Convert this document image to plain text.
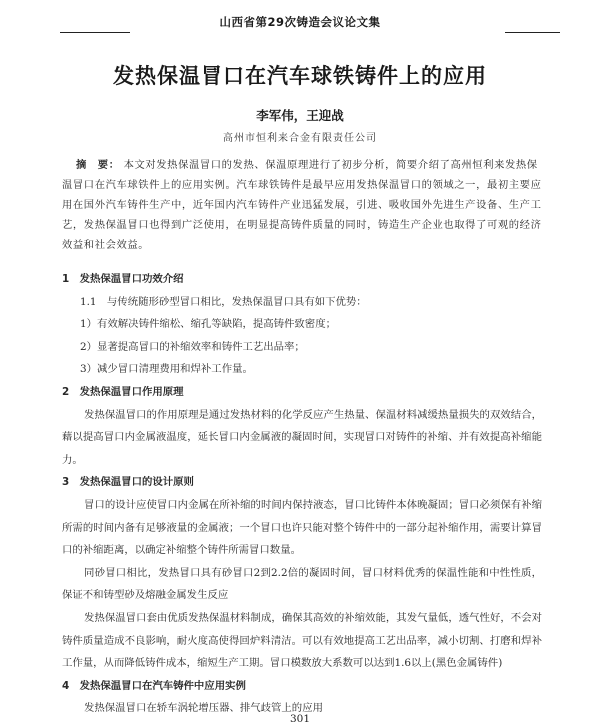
山西省第29次铸造会议论文集
发热保温冒口在汽车球铁铸件上的应用
李军伟，王迎战
高州市恒利来合金有限责任公司
摘　要： 本文对发热保温冒口的发热、保温原理进行了初步分析，简要介绍了高州恒利来发热保温冒口在汽车球铁件上的应用实例。汽车球铁铸件是最早应用发热保温冒口的领域之一，最初主要应用在国外汽车铸件生产中，近年国内汽车铸件产业迅猛发展，引进、吸收国外先进生产设备、生产工艺，发热保温冒口也得到广泛使用，在明显提高铸件质量的同时，铸造生产企业也取得了可观的经济效益和社会效益。
1　发热保温冒口功效介绍
1.1　与传统随形砂型冒口相比，发热保温冒口具有如下优势：
1）有效解决铸件缩松、缩孔等缺陷，提高铸件致密度；
2）显著提高冒口的补缩效率和铸件工艺出品率；
3）减少冒口清理费用和焊补工作量。
2　发热保温冒口作用原理
发热保温冒口的作用原理是通过发热材料的化学反应产生热量、保温材料减缓热量损失的双效结合，藉以提高冒口内金属液温度，延长冒口内金属液的凝固时间，实现冒口对铸件的补缩、并有效提高补缩能力。
3　发热保温冒口的设计原则
冒口的设计应使冒口内金属在所补缩的时间内保持液态，冒口比铸件本体晚凝固；冒口必须保有补缩所需的时间内备有足够液量的金属液；一个冒口也许只能对整个铸件中的一部分起补缩作用，需要计算冒口的补缩距离，以确定补缩整个铸件所需冒口数量。
同砂冒口相比，发热冒口具有砂冒口2到2.2倍的凝固时间，冒口材料优秀的保温性能和中性性质，保证不和铸型砂及熔融金属发生反应
发热保温冒口套由优质发热保温材料制成，确保其高效的补缩效能，其发气量低，透气性好，不会对铸件质量造成不良影响，耐火度高使得回炉料清洁。可以有效地提高工艺出品率，减小切割、打磨和焊补工作量，从而降低铸件成本，缩短生产工期。冒口模数放大系数可以达到1.6以上(黑色金属铸件)
4　发热保温冒口在汽车铸件中应用实例
发热保温冒口在轿车涡轮增压器、排气歧管上的应用
301
